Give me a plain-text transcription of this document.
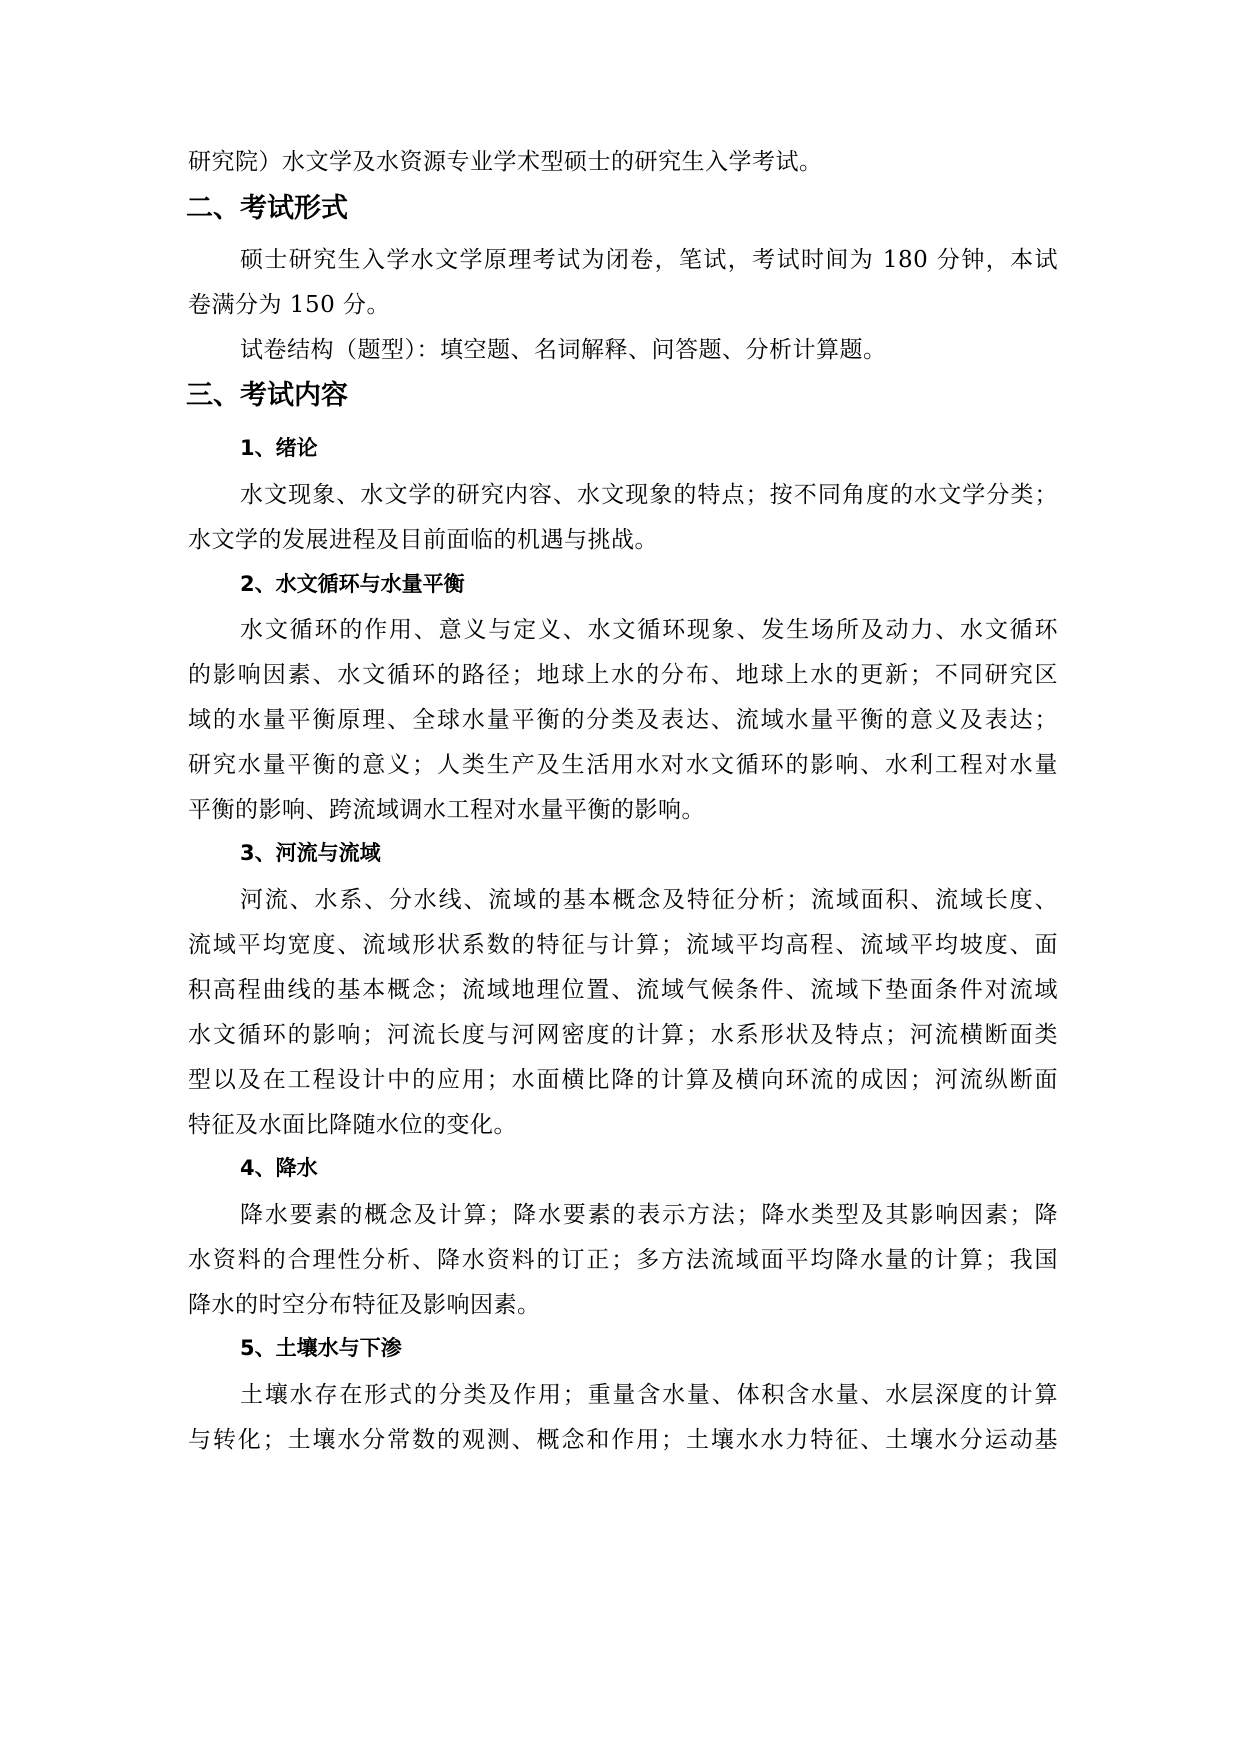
研究院）水文学及水资源专业学术型硕士的研究生入学考试。
二、考试形式
硕士研究生入学水文学原理考试为闭卷，笔试，考试时间为 180 分钟，本试
卷满分为 150 分。
试卷结构（题型）：填空题、名词解释、问答题、分析计算题。
三、考试内容
1、绪论
水文现象、水文学的研究内容、水文现象的特点；按不同角度的水文学分类；
水文学的发展进程及目前面临的机遇与挑战。
2、水文循环与水量平衡
水文循环的作用、意义与定义、水文循环现象、发生场所及动力、水文循环
的影响因素、水文循环的路径；地球上水的分布、地球上水的更新；不同研究区
域的水量平衡原理、全球水量平衡的分类及表达、流域水量平衡的意义及表达；
研究水量平衡的意义；人类生产及生活用水对水文循环的影响、水利工程对水量
平衡的影响、跨流域调水工程对水量平衡的影响。
3、河流与流域
河流、水系、分水线、流域的基本概念及特征分析；流域面积、流域长度、
流域平均宽度、流域形状系数的特征与计算；流域平均高程、流域平均坡度、面
积高程曲线的基本概念；流域地理位置、流域气候条件、流域下垫面条件对流域
水文循环的影响；河流长度与河网密度的计算；水系形状及特点；河流横断面类
型以及在工程设计中的应用；水面横比降的计算及横向环流的成因；河流纵断面
特征及水面比降随水位的变化。
4、降水
降水要素的概念及计算；降水要素的表示方法；降水类型及其影响因素；降
水资料的合理性分析、降水资料的订正；多方法流域面平均降水量的计算；我国
降水的时空分布特征及影响因素。
5、土壤水与下渗
土壤水存在形式的分类及作用；重量含水量、体积含水量、水层深度的计算
与转化；土壤水分常数的观测、概念和作用；土壤水水力特征、土壤水分运动基
